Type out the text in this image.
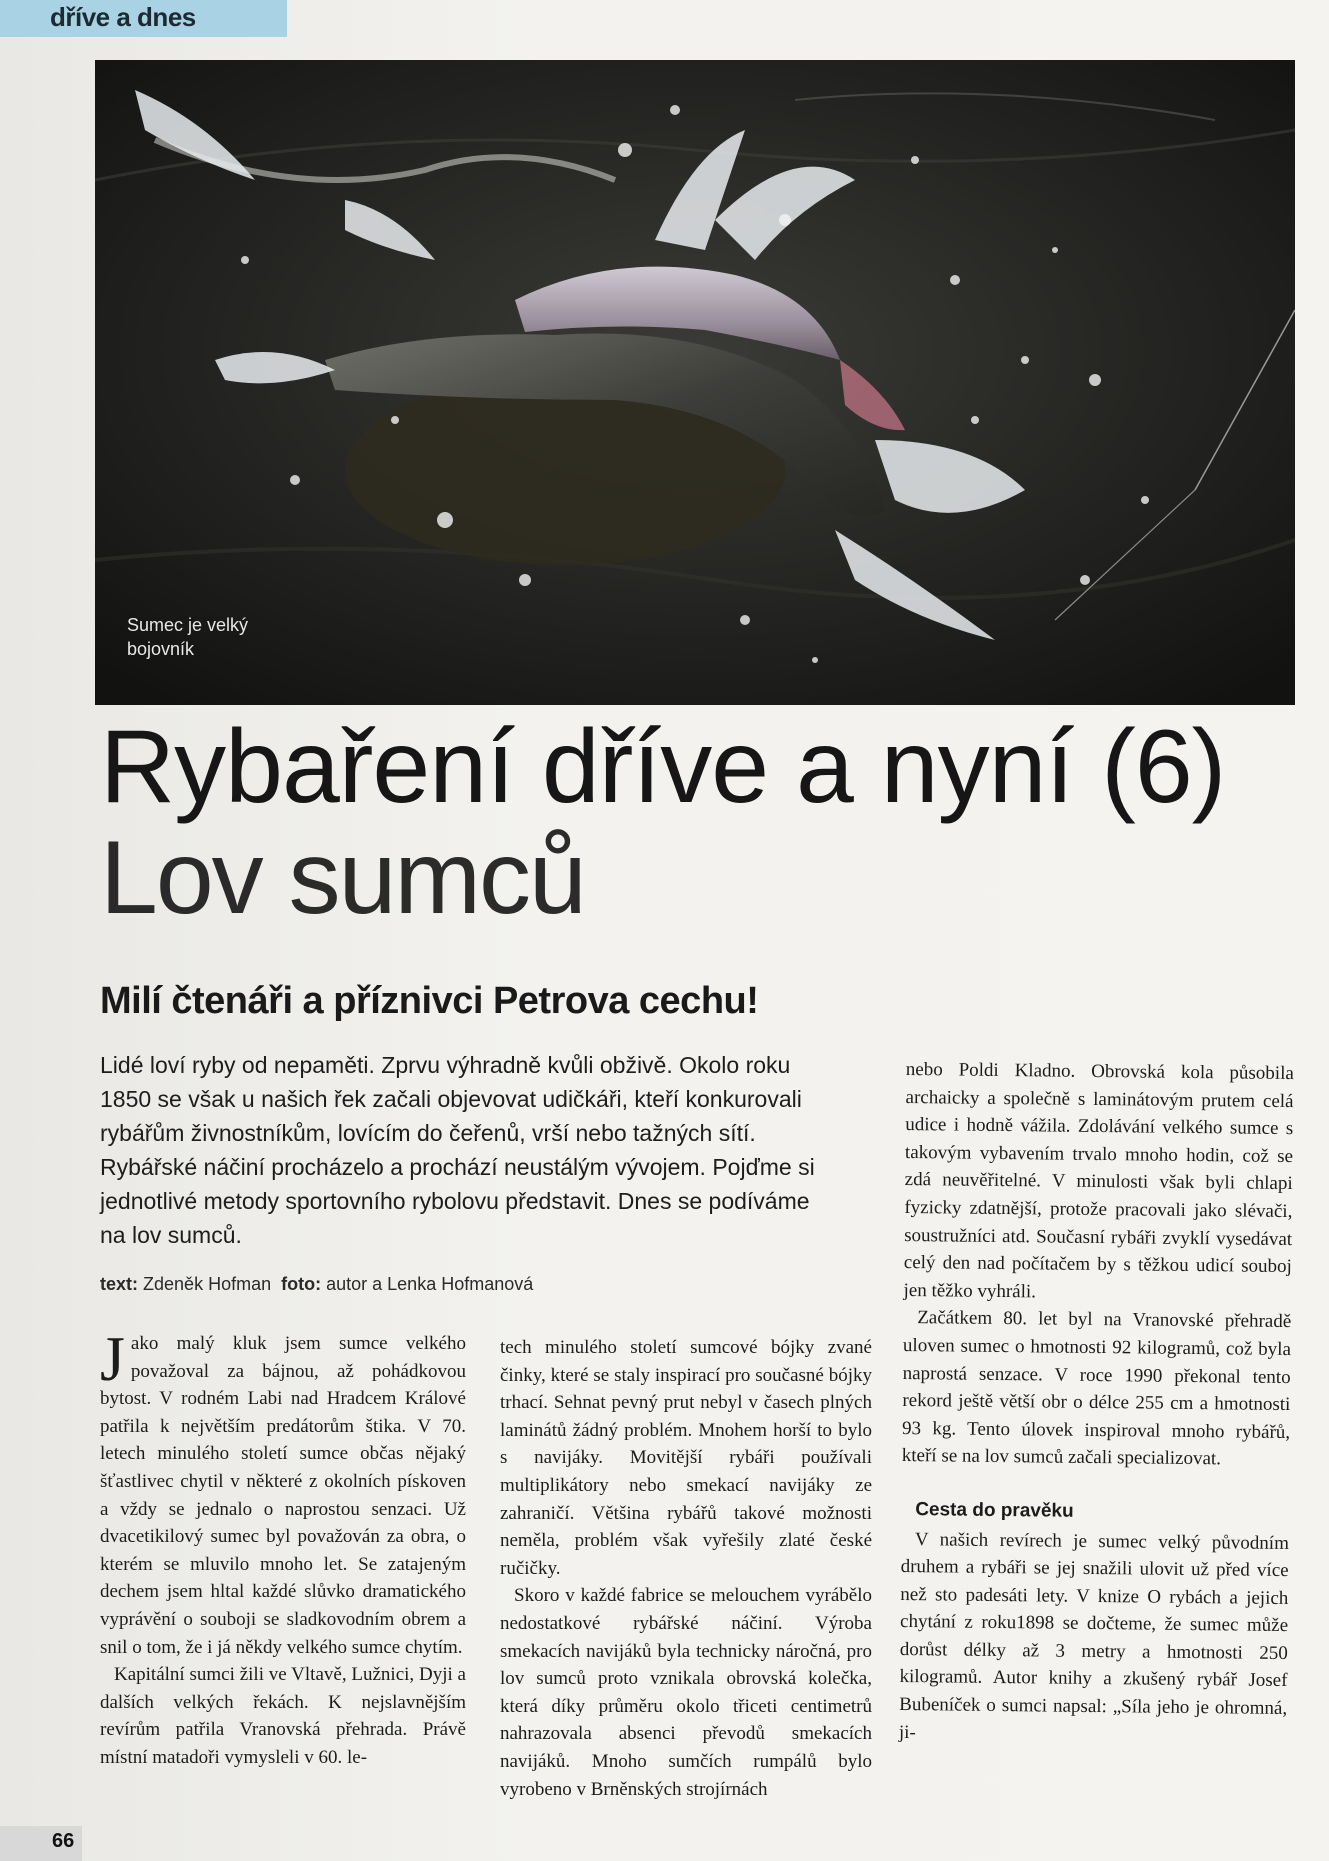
dříve a dnes
Sumec je velký
bojovník
Rybaření dříve a nyní (6)
Lov sumců
Milí čtenáři a příznivci Petrova cechu!

Lidé loví ryby od nepaměti. Zprvu výhradně kvůli obživě. Okolo roku 1850 se však u našich řek začali objevovat udičkáři, kteří konkurovali rybářům živnostníkům, lovícím do čeřenů, vrší nebo tažných sítí. Rybářské náčiní procházelo a prochází neustálým vývojem. Pojďme si jednotlivé metody sportovního rybolovu představit. Dnes se podíváme na lov sumců.

text: Zdeněk Hofman foto: autor a Lenka Hofmanová

Jako malý kluk jsem sumce velkého považoval za bájnou, až pohádkovou bytost. V rodném Labi nad Hradcem Králové patřila k největším predátorům štika. V 70. letech minulého století sumce občas nějaký šťastlivec chytil v některé z okolních pískoven a vždy se jednalo o naprostou senzaci. Už dvacetikilový sumec byl považován za obra, o kterém se mluvilo mnoho let. Se zatajeným dechem jsem hltal každé slůvko dramatického vyprávění o souboji se sladkovodním obrem a snil o tom, že i já někdy velkého sumce chytím.

Kapitální sumci žili ve Vltavě, Lužnici, Dyji a dalších velkých řekách. K nejslavnějším revírům patřila Vranovská přehrada. Právě místní matadoři vymysleli v 60. le-

tech minulého století sumcové bójky zvané činky, které se staly inspirací pro současné bójky trhací. Sehnat pevný prut nebyl v časech plných laminátů žádný problém. Mnohem horší to bylo s navijáky. Movitější rybáři používali multiplikátory nebo smekací navijáky ze zahraničí. Většina rybářů takové možnosti neměla, problém však vyřešily zlaté české ručičky.

Skoro v každé fabrice se melouchem vyrábělo nedostatkové rybářské náčiní. Výroba smekacích navijáků byla technicky náročná, pro lov sumců proto vznikala obrovská kolečka, která díky průměru okolo třiceti centimetrů nahrazovala absenci převodů smekacích navijáků. Mnoho sumčích rumpálů bylo vyrobeno v Brněnských strojírnách

nebo Poldi Kladno. Obrovská kola působila archaicky a společně s laminátovým prutem celá udice i hodně vážila. Zdolávání velkého sumce s takovým vybavením trvalo mnoho hodin, což se zdá neuvěřitelné. V minulosti však byli chlapi fyzicky zdatnější, protože pracovali jako slévači, soustružníci atd. Současní rybáři zvyklí vysedávat celý den nad počítačem by s těžkou udicí souboj jen těžko vyhráli.

Začátkem 80. let byl na Vranovské přehradě uloven sumec o hmotnosti 92 kilogramů, což byla naprostá senzace. V roce 1990 překonal tento rekord ještě větší obr o délce 255 cm a hmotnosti 93 kg. Tento úlovek inspiroval mnoho rybářů, kteří se na lov sumců začali specializovat.

Cesta do pravěku

V našich revírech je sumec velký původním druhem a rybáři se jej snažili ulovit už před více než sto padesáti lety. V knize O rybách a jejich chytání z roku1898 se dočteme, že sumec může dorůst délky až 3 metry a hmotnosti 250 kilogramů. Autor knihy a zkušený rybář Josef Bubeníček o sumci napsal: „Síla jeho je ohromná, ji-

66
